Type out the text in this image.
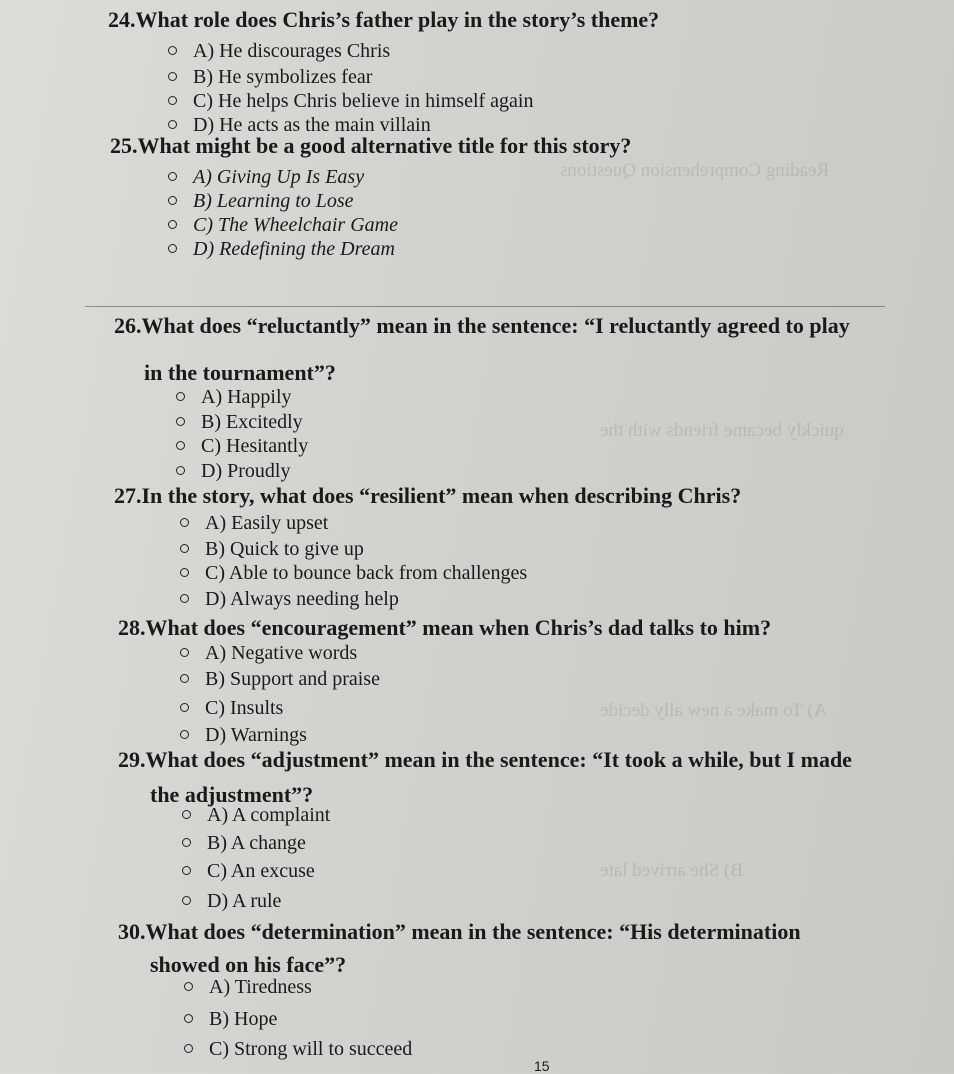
Reading Comprehension Questions
quickly became friends with the
A) To make a new ally decide
B) She arrived late
24.What role does Chris’s father play in the story’s theme?
A) He discourages Chris
B) He symbolizes fear
C) He helps Chris believe in himself again
D) He acts as the main villain
25.What might be a good alternative title for this story?
A) Giving Up Is Easy
B) Learning to Lose
C) The Wheelchair Game
D) Redefining the Dream
26.What does “reluctantly” mean in the sentence: “I reluctantly agreed to play
in the tournament”?
A) Happily
B) Excitedly
C) Hesitantly
D) Proudly
27.In the story, what does “resilient” mean when describing Chris?
A) Easily upset
B) Quick to give up
C) Able to bounce back from challenges
D) Always needing help
28.What does “encouragement” mean when Chris’s dad talks to him?
A) Negative words
B) Support and praise
C) Insults
D) Warnings
29.What does “adjustment” mean in the sentence: “It took a while, but I made
the adjustment”?
A) A complaint
B) A change
C) An excuse
D) A rule
30.What does “determination” mean in the sentence: “His determination
showed on his face”?
A) Tiredness
B) Hope
C) Strong will to succeed
15
